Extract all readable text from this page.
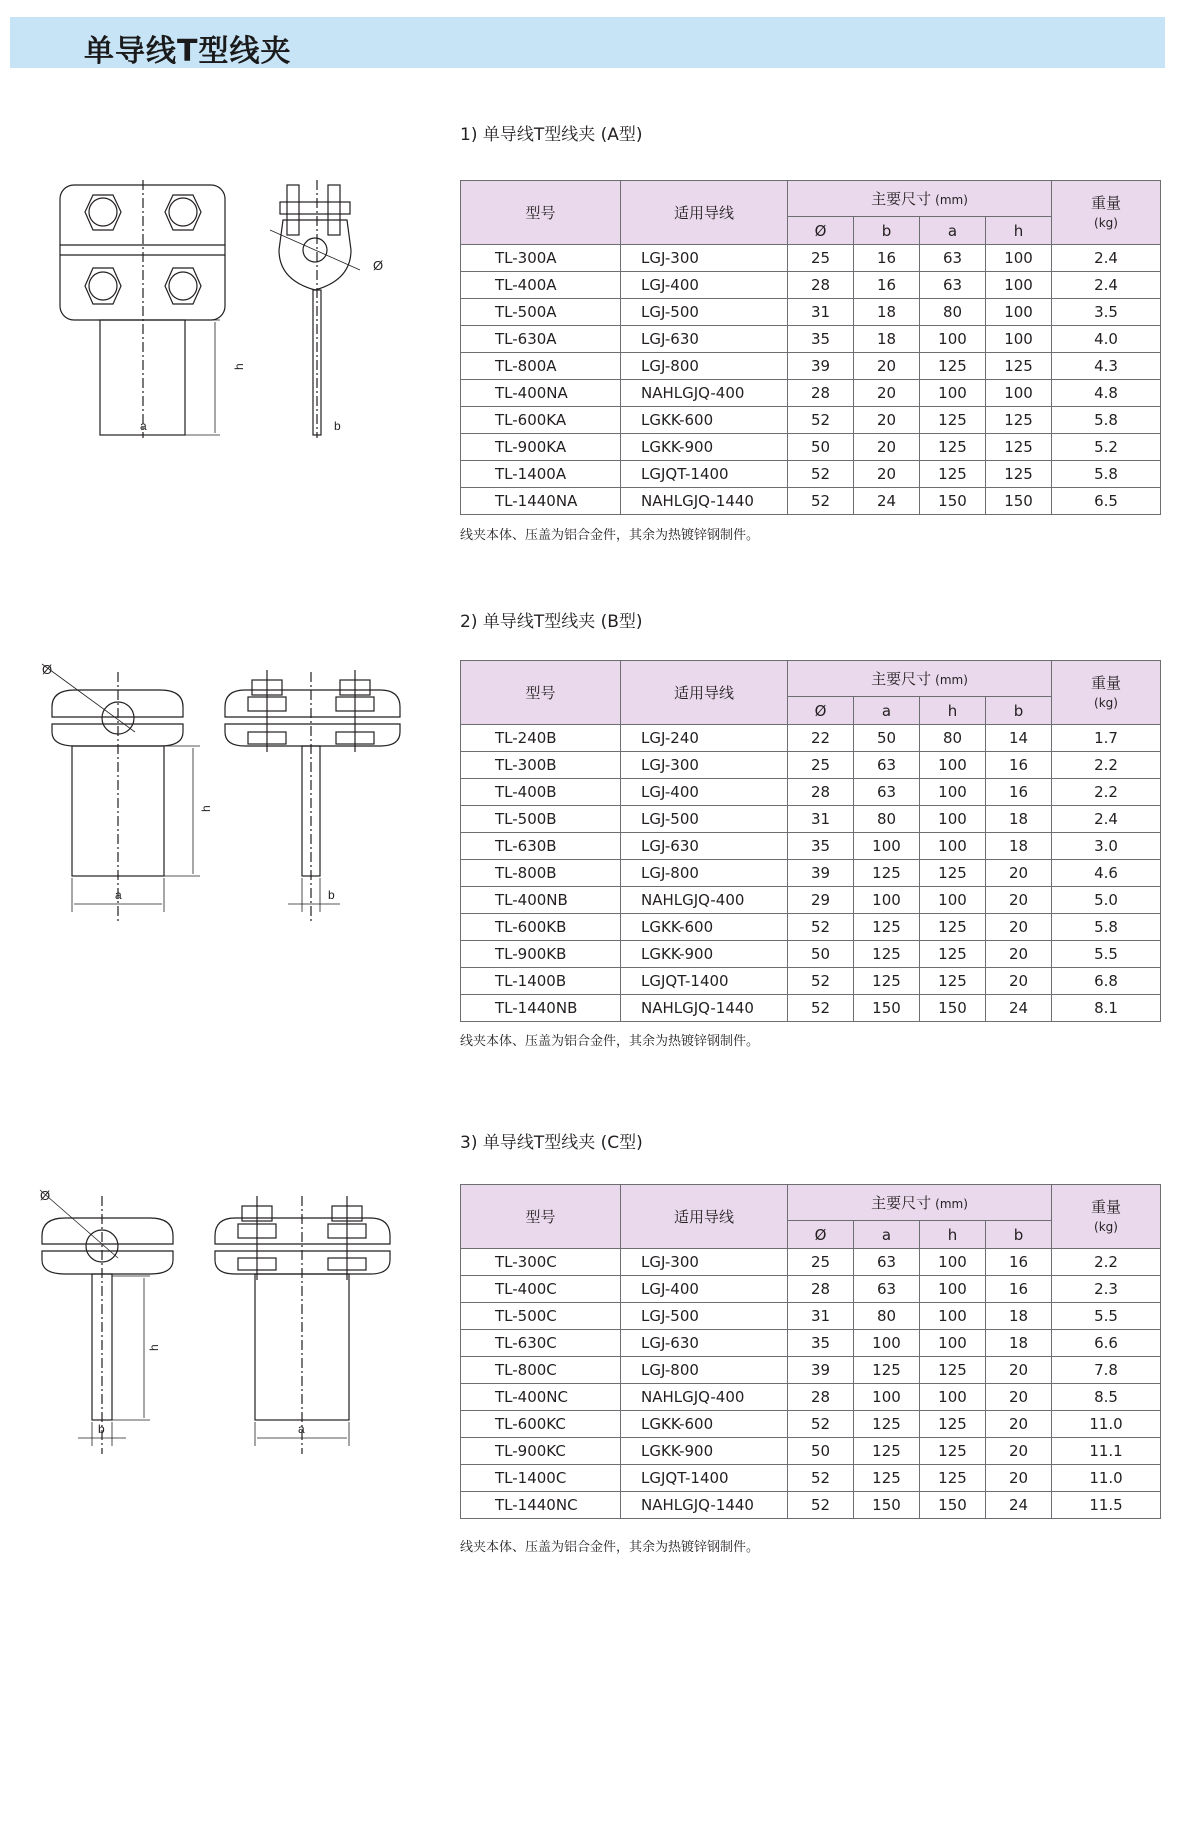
单导线T型线夹
1) 单导线T型线夹 (A型)
h
a	b
Ø
型号	适用导线	主要尺寸 (mm)				重量
(kg)

		Ø	b	a	h	
TL-300A	LGJ-300	25	16	63	100	2.4
TL-400A	LGJ-400	28	16	63	100	2.4
TL-500A	LGJ-500	31	18	80	100	3.5
TL-630A	LGJ-630	35	18	100	100	4.0
TL-800A	LGJ-800	39	20	125	125	4.3
TL-400NA	NAHLGJQ-400	28	20	100	100	4.8
TL-600KA	LGKK-600	52	20	125	125	5.8
TL-900KA	LGKK-900	50	20	125	125	5.2
TL-1400A	LGJQT-1400	52	20	125	125	5.8
TL-1440NA	NAHLGJQ-1440	52	24	150	150	6.5
线夹本体、压盖为铝合金件，其余为热镀锌钢制件。
2) 单导线T型线夹 (B型)
Ø
h
a	b
型号	适用导线	主要尺寸 (mm)				重量
(kg)

		Ø	a	h	b	
TL-240B	LGJ-240	22	50	80	14	1.7
TL-300B	LGJ-300	25	63	100	16	2.2
TL-400B	LGJ-400	28	63	100	16	2.2
TL-500B	LGJ-500	31	80	100	18	2.4
TL-630B	LGJ-630	35	100	100	18	3.0
TL-800B	LGJ-800	39	125	125	20	4.6
TL-400NB	NAHLGJQ-400	29	100	100	20	5.0
TL-600KB	LGKK-600	52	125	125	20	5.8
TL-900KB	LGKK-900	50	125	125	20	5.5
TL-1400B	LGJQT-1400	52	125	125	20	6.8
TL-1440NB	NAHLGJQ-1440	52	150	150	24	8.1
线夹本体、压盖为铝合金件，其余为热镀锌钢制件。
3) 单导线T型线夹 (C型)
Ø
h
b	a
型号	适用导线	主要尺寸 (mm)				重量
(kg)

		Ø	a	h	b	
TL-300C	LGJ-300	25	63	100	16	2.2
TL-400C	LGJ-400	28	63	100	16	2.3
TL-500C	LGJ-500	31	80	100	18	5.5
TL-630C	LGJ-630	35	100	100	18	6.6
TL-800C	LGJ-800	39	125	125	20	7.8
TL-400NC	NAHLGJQ-400	28	100	100	20	8.5
TL-600KC	LGKK-600	52	125	125	20	11.0
TL-900KC	LGKK-900	50	125	125	20	11.1
TL-1400C	LGJQT-1400	52	125	125	20	11.0
TL-1440NC	NAHLGJQ-1440	52	150	150	24	11.5
线夹本体、压盖为铝合金件，其余为热镀锌钢制件。
